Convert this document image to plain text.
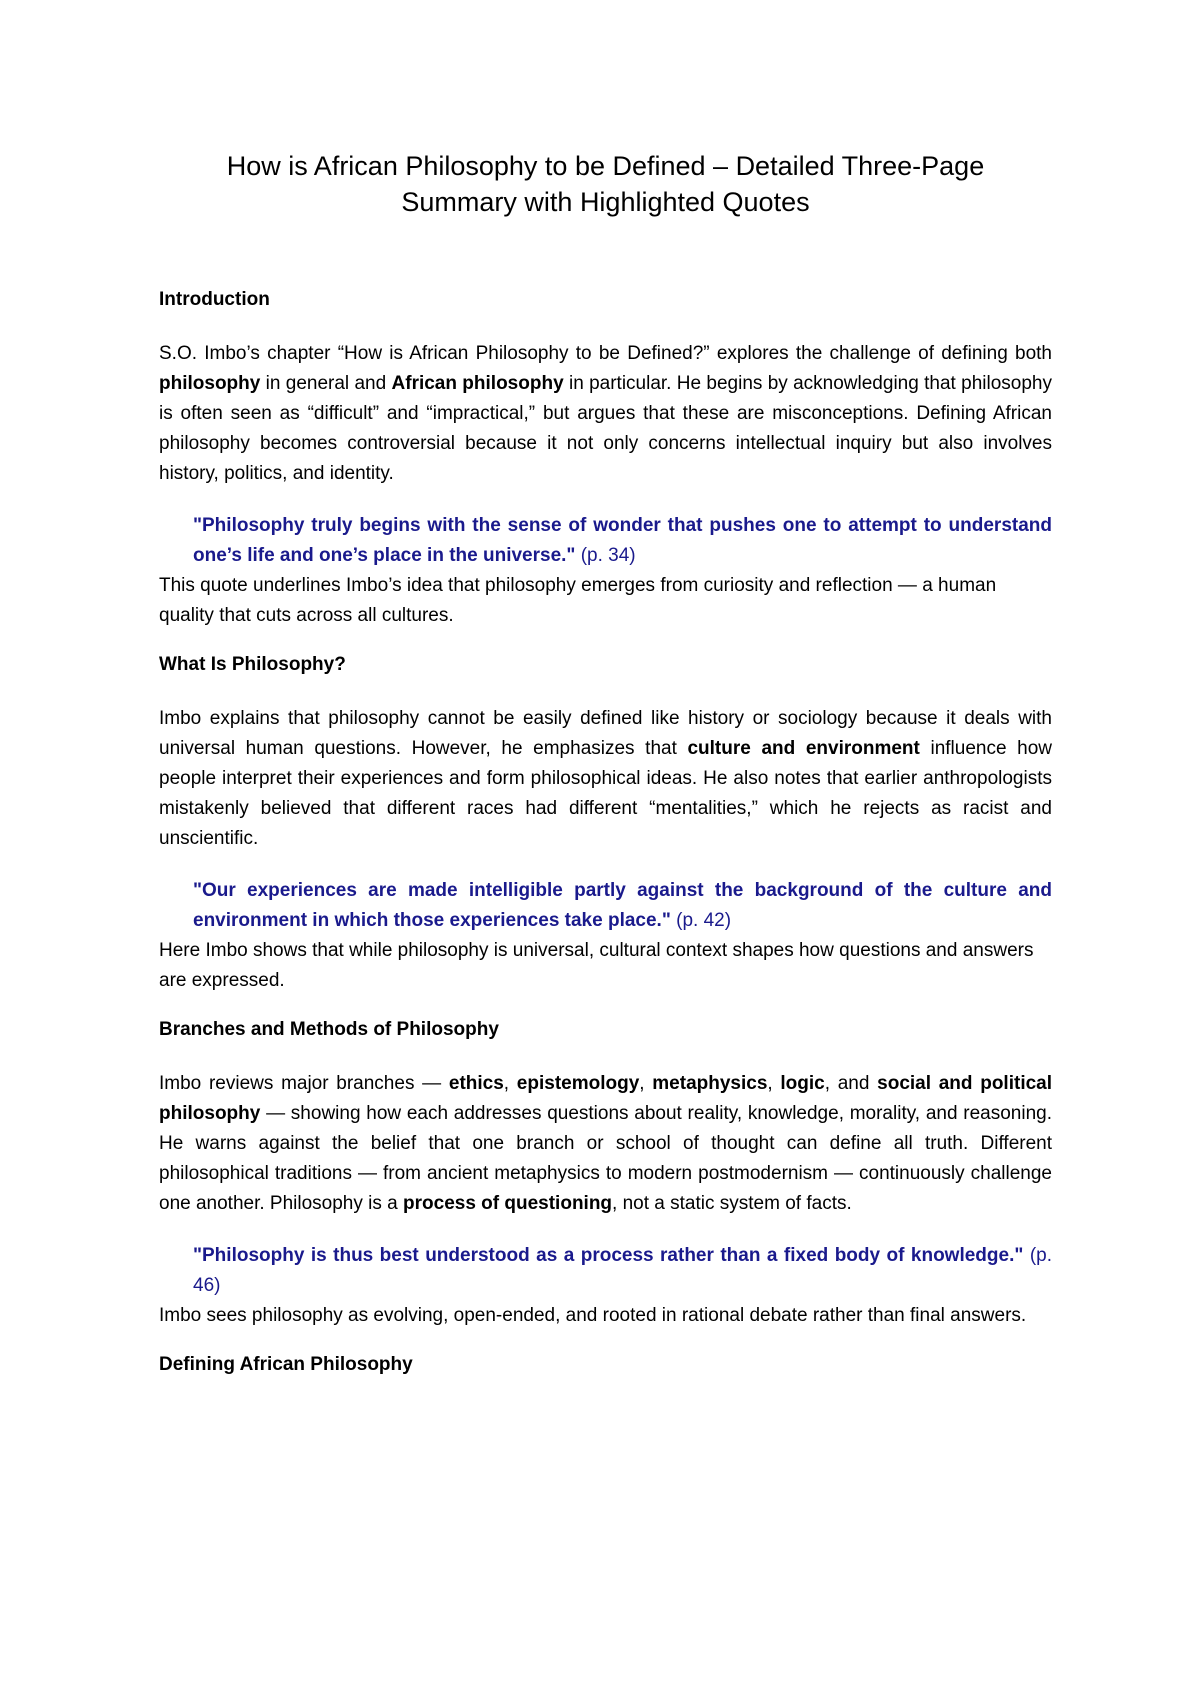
How is African Philosophy to be Defined – Detailed Three-Page
Summary with Highlighted Quotes

Introduction

S.O. Imbo’s chapter “How is African Philosophy to be Defined?” explores the challenge of defining both philosophy in general and African philosophy in particular. He begins by acknowledging that philosophy is often seen as “difficult” and “impractical,” but argues that these are misconceptions. Defining African philosophy becomes controversial because it not only concerns intellectual inquiry but also involves history, politics, and identity.

"Philosophy truly begins with the sense of wonder that pushes one to attempt to understand one’s life and one’s place in the universe." (p. 34)

This quote underlines Imbo’s idea that philosophy emerges from curiosity and reflection — a human quality that cuts across all cultures.

What Is Philosophy?

Imbo explains that philosophy cannot be easily defined like history or sociology because it deals with universal human questions. However, he emphasizes that culture and environment influence how people interpret their experiences and form philosophical ideas. He also notes that earlier anthropologists mistakenly believed that different races had different “mentalities,” which he rejects as racist and unscientific.

"Our experiences are made intelligible partly against the background of the culture and environment in which those experiences take place." (p. 42)

Here Imbo shows that while philosophy is universal, cultural context shapes how questions and answers are expressed.

Branches and Methods of Philosophy

Imbo reviews major branches — ethics, epistemology, metaphysics, logic, and social and political philosophy — showing how each addresses questions about reality, knowledge, morality, and reasoning. He warns against the belief that one branch or school of thought can define all truth. Different philosophical traditions — from ancient metaphysics to modern postmodernism — continuously challenge one another. Philosophy is a process of questioning, not a static system of facts.

"Philosophy is thus best understood as a process rather than a fixed body of knowledge." (p. 46)

Imbo sees philosophy as evolving, open-ended, and rooted in rational debate rather than final answers.

Defining African Philosophy
